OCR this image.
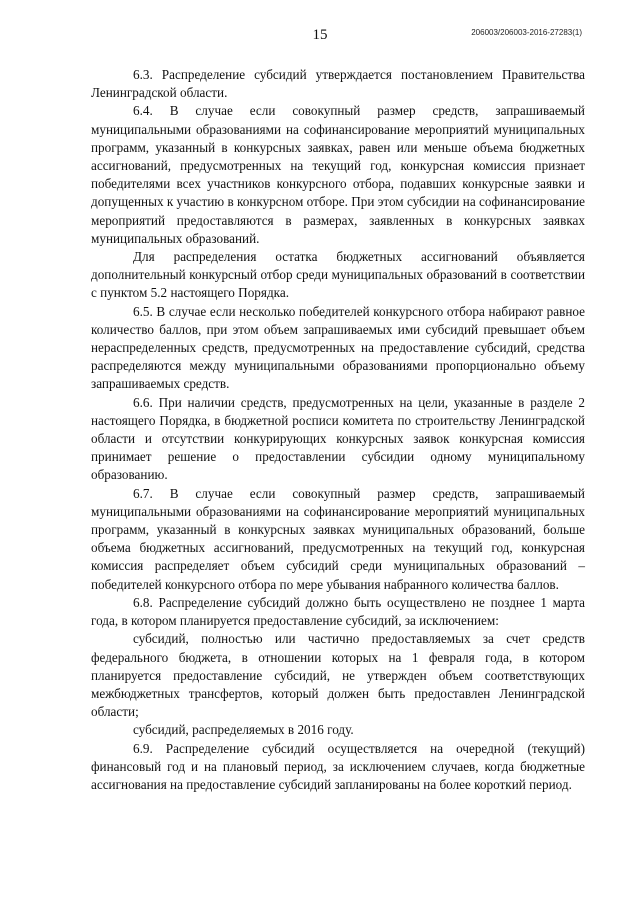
15	206003/206003-2016-27283(1)

6.3. Распределение субсидий утверждается постановлением Правительства Ленинградской области.

6.4. В случае если совокупный размер средств, запрашиваемый муниципальными образованиями на софинансирование мероприятий муниципальных программ, указанный в конкурсных заявках, равен или меньше объема бюджетных ассигнований, предусмотренных на текущий год, конкурсная комиссия признает победителями всех участников конкурсного отбора, подавших конкурсные заявки и допущенных к участию в конкурсном отборе. При этом субсидии на софинансирование мероприятий предоставляются в размерах, заявленных в конкурсных заявках муниципальных образований.

Для распределения остатка бюджетных ассигнований объявляется дополнительный конкурсный отбор среди муниципальных образований в соответствии с пунктом 5.2 настоящего Порядка.

6.5. В случае если несколько победителей конкурсного отбора набирают равное количество баллов, при этом объем запрашиваемых ими субсидий превышает объем нераспределенных средств, предусмотренных на предоставление субсидий, средства распределяются между муниципальными образованиями пропорционально объему запрашиваемых средств.

6.6. При наличии средств, предусмотренных на цели, указанные в разделе 2 настоящего Порядка, в бюджетной росписи комитета по строительству Ленинградской области и отсутствии конкурирующих конкурсных заявок конкурсная комиссия принимает решение о предоставлении субсидии одному муниципальному образованию.

6.7. В случае если совокупный размер средств, запрашиваемый муниципальными образованиями на софинансирование мероприятий муниципальных программ, указанный в конкурсных заявках муниципальных образований, больше объема бюджетных ассигнований, предусмотренных на текущий год, конкурсная комиссия распределяет объем субсидий среди муниципальных образований – победителей конкурсного отбора по мере убывания набранного количества баллов.

6.8. Распределение субсидий должно быть осуществлено не позднее 1 марта года, в котором планируется предоставление субсидий, за исключением:

субсидий, полностью или частично предоставляемых за счет средств федерального бюджета, в отношении которых на 1 февраля года, в котором планируется предоставление субсидий, не утвержден объем соответствующих межбюджетных трансфертов, который должен быть предоставлен Ленинградской области;

субсидий, распределяемых в 2016 году.

6.9. Распределение субсидий осуществляется на очередной (текущий) финансовый год и на плановый период, за исключением случаев, когда бюджетные ассигнования на предоставление субсидий запланированы на более короткий период.
